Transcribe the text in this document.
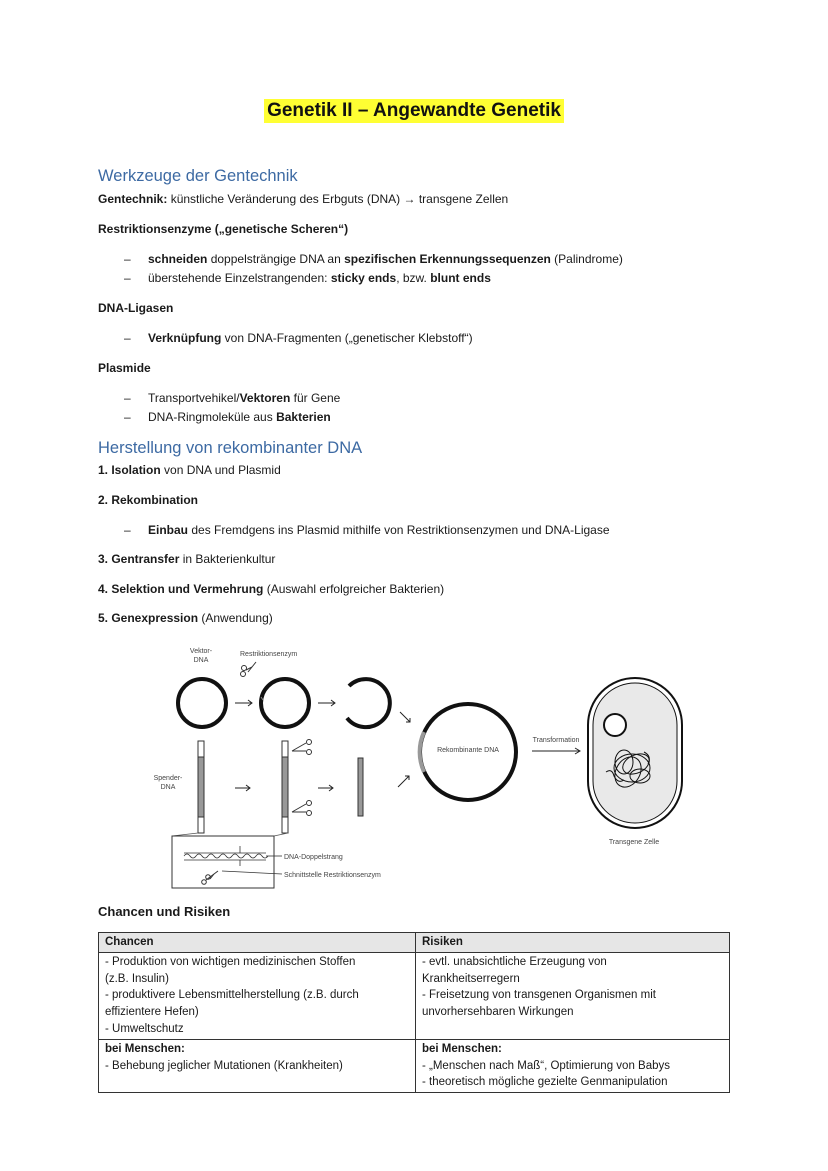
Genetik II – Angewandte Genetik
Werkzeuge der Gentechnik
Gentechnik: künstliche Veränderung des Erbguts (DNA) → transgene Zellen
Restriktionsenzyme („genetische Scheren“)
– schneiden doppelsträngige DNA an spezifischen Erkennungssequenzen (Palindrome)
– überstehende Einzelstrangenden: sticky ends, bzw. blunt ends
DNA-Ligasen
– Verknüpfung von DNA-Fragmenten („genetischer Klebstoff“)
Plasmide
– Transportvehikel/Vektoren für Gene
– DNA-Ringmoleküle aus Bakterien
Herstellung von rekombinanter DNA
1. Isolation von DNA und Plasmid
2. Rekombination
– Einbau des Fremdgens ins Plasmid mithilfe von Restriktionsenzymen und DNA-Ligase
3. Gentransfer in Bakterienkultur
4. Selektion und Vermehrung (Auswahl erfolgreicher Bakterien)
5. Genexpression (Anwendung)
Vektor-
DNA
Restriktionsenzym
Rekombinante DNA
Transformation
Transgene Zelle
Spender-
DNA
DNA-Doppelstrang
Schnittstelle Restriktionsenzym
Chancen und Risiken
Chancen	Risiken

- Produktion von wichtigen medizinischen Stoffen
(z.B. Insulin)
- produktivere Lebensmittelherstellung (z.B. durch
effizientere Hefen)
- Umweltschutz	- evtl. unabsichtliche Erzeugung von
Krankheitserregern
- Freisetzung von transgenen Organismen mit
unvorhersehbaren Wirkungen

bei Menschen:
- Behebung jeglicher Mutationen (Krankheiten)	bei Menschen:
- „Menschen nach Maß“, Optimierung von Babys
- theoretisch mögliche gezielte Genmanipulation
